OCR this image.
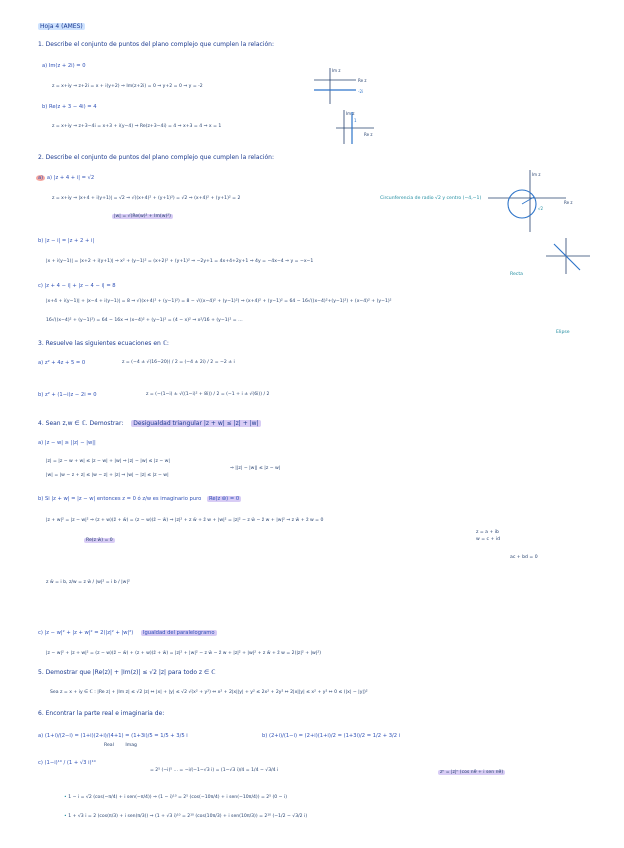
Hoja 4 (AMES)
1. Describe el conjunto de puntos del plano complejo que cumplen la relación:
a) Im(z + 2i) = 0
z = x+iy ⇒ z+2i = x + i(y+2) ⇒ Im(z+2i) = 0 ⇒ y+2 = 0 ⇒ y = -2
Im z
Re z
-2i
b) Re(z + 3 − 4i) = 4
z = x+iy ⇒ z+3−4i = x+3 + i(y−4) ⇒ Re(z+3−4i) = 4 ⇒ x+3 = 4 ⇒ x = 1
Im z
Re z
1
2. Describe el conjunto de puntos del plano complejo que cumplen la relación:
a) a) |z + 4 + i| = √2
z = x+iy ⇒ |x+4 + i(y+1)| = √2 ⇒ √((x+4)² + (y+1)²) = √2 ⇒ (x+4)² + (y+1)² = 2	Circunferencia de radio √2 y centro (−4,−1)
|w| = √(Re(w)² + Im(w)²)
Im z
Re z
√2
b) |z − i| = |z + 2 + i|
|x + i(y−1)| = |x+2 + i(y+1)| ⇒ x² + (y−1)² = (x+2)² + (y+1)² ⇒ −2y+1 = 4x+4+2y+1 ⇒ 4y = −4x−4 ⇒ y = −x−1
Recta
c) |z + 4 − i| + |z − 4 − i| = 8
|x+4 + i(y−1)| + |x−4 + i(y−1)| = 8 ⇒ √((x+4)² + (y−1)²) = 8 − √((x−4)² + (y−1)²) ⇒ (x+4)² + (y−1)² = 64 − 16√((x−4)²+(y−1)²) + (x−4)² + (y−1)²
16√((x−4)² + (y−1)²) = 64 − 16x ⇒ (x−4)² + (y−1)² = (4 − x)² ⇒ x²/16 + (y−1)² = …
Elipse
3. Resuelve las siguientes ecuaciones en ℂ:
a) z² + 4z + 5 = 0	z = (−4 ± √(16−20)) / 2 = (−4 ± 2i) / 2 = −2 ± i
b) z² + (1−i)z − 2i = 0	z = (−(1−i) ± √((1−i)² + 8i)) / 2 = (−1 + i ± √(6i)) / 2
4. Sean z,w ∈ ℂ. Demostrar: Desigualdad triangular |z + w| ≤ |z| + |w|
a) |z − w| ≥ ||z| − |w||
|z| = |z − w + w| ≤ |z − w| + |w| ⇒ |z| − |w| ≤ |z − w|
⇒ ||z| − |w|| ≤ |z − w|
|w| = |w − z + z| ≤ |w − z| + |z| ⇒ |w| − |z| ≤ |z − w|
b) Si |z + w| = |z − w| entonces z = 0 ó z/w es imaginario puro Re(z w̄) = 0
|z + w|² = |z − w|² ⇒ (z + w)(z̄ + w̄) = (z − w)(z̄ − w̄) ⇒ |z|² + z w̄ + z̄ w + |w|² = |z|² − z w̄ − z̄ w + |w|² ⇒ z w̄ + z̄ w = 0
Re(z w̄) = 0
z = a + ib
w = c + id
ac + bd = 0
z w̄ = i b, z/w = z w̄ / |w|² = i b / |w|²
c) |z − w|² + |z + w|² = 2(|z|² + |w|²) Igualdad del paralelogramo
|z − w|² + |z + w|² = (z − w)(z̄ − w̄) + (z + w)(z̄ + w̄) = |z|² + |w|² − z w̄ − z̄ w + |z|² + |w|² + z w̄ + z̄ w = 2(|z|² + |w|²)
5. Demostrar que |Re(z)| + |Im(z)| ≤ √2 |z| para todo z ∈ ℂ
Sea z = x + iy ∈ ℂ : |Re z| + |Im z| ≤ √2 |z| ⇔ |x| + |y| ≤ √2 √(x² + y²) ⇔ x² + 2|x||y| + y² ≤ 2x² + 2y² ⇔ 2|x||y| ≤ x² + y² ⇔ 0 ≤ (|x| − |y|)²
6. Encontrar la parte real e imaginaria de:
a) (1+i)/(2−i) = (1+i)(2+i)/(4+1) = (1+3i)/5 = 1/5 + 3/5 i
Real Imag
b) (2+i)/(1−i) = (2+i)(1+i)/2 = (1+3i)/2 = 1/2 + 3/2 i
c) (1−i)¹⁰ / (1 + √3 i)¹⁰
= 2⁵ (−i)⁵ ... = −i/(−1−√3 i) = (1−√3 i)/4 = 1/4 − √3/4 i	zⁿ = |z|ⁿ (cos nθ + i sen nθ)
• 1 − i = √2 (cos(−π/4) + i sen(−π/4)) ⇒ (1 − i)¹⁰ = 2⁵ (cos(−10π/4) + i sen(−10π/4)) = 2⁵ (0 − i)
• 1 + √3 i = 2 (cos(π/3) + i sen(π/3)) ⇒ (1 + √3 i)¹⁰ = 2¹⁰ (cos(10π/3) + i sen(10π/3)) = 2¹⁰ (−1/2 − √3/2 i)
